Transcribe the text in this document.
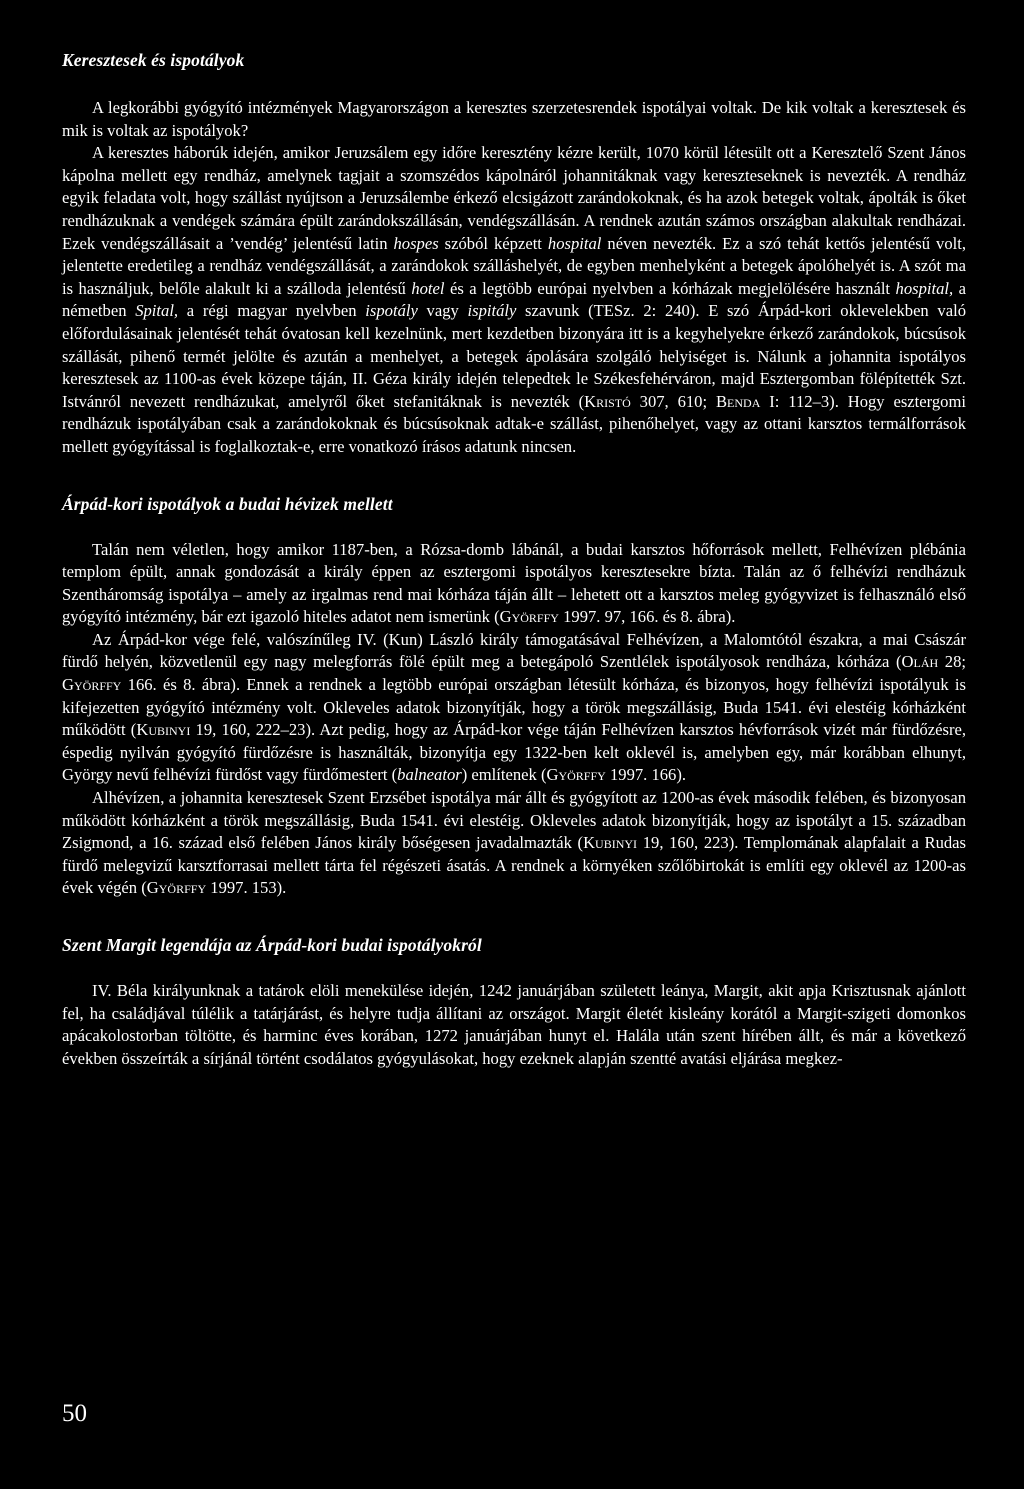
Keresztesek és ispotályok

A legkorábbi gyógyító intézmények Magyarországon a keresztes szerzetesrendek ispotályai voltak. De kik voltak a keresztesek és mik is voltak az ispotályok?

A keresztes háborúk idején, amikor Jeruzsálem egy időre keresztény kézre került, 1070 körül létesült ott a Keresztelő Szent János kápolna mellett egy rendház, amelynek tagjait a szomszédos kápolnáról johannitáknak vagy kereszteseknek is nevezték. A rendház egyik feladata volt, hogy szállást nyújtson a Jeruzsálembe érkező elcsigázott zarándokoknak, és ha azok betegek voltak, ápolták is őket rendházuknak a vendégek számára épült zarándokszállásán, vendégszállásán. A rendnek azután számos országban alakultak rendházai. Ezek vendégszállásait a ’vendég’ jelentésű latin hospes szóból képzett hospital néven nevezték. Ez a szó tehát kettős jelentésű volt, jelentette eredetileg a rendház vendégszállását, a zarándokok szálláshelyét, de egyben menhelyként a betegek ápolóhelyét is. A szót ma is használjuk, belőle alakult ki a szálloda jelentésű hotel és a legtöbb európai nyelvben a kórházak megjelölésére használt hospital, a németben Spital, a régi magyar nyelvben ispotály vagy ispitály szavunk (TESz. 2: 240). E szó Árpád-kori oklevelekben való előfordulásainak jelentését tehát óvatosan kell kezelnünk, mert kezdetben bizonyára itt is a kegyhelyekre érkező zarándokok, búcsúsok szállását, pihenő termét jelölte és azután a menhelyet, a betegek ápolására szolgáló helyiséget is. Nálunk a johannita ispotályos keresztesek az 1100-as évek közepe táján, II. Géza király idején telepedtek le Székesfehérváron, majd Esztergomban fölépítették Szt. Istvánról nevezett rendházukat, amelyről őket stefanitáknak is nevezték (Kristó 307, 610; Benda I: 112–3). Hogy esztergomi rendházuk ispotályában csak a zarándokoknak és búcsúsoknak adtak-e szállást, pihenőhelyet, vagy az ottani karsztos termálforrások mellett gyógyítással is foglalkoztak-e, erre vonatkozó írásos adatunk nincsen.

Árpád-kori ispotályok a budai hévizek mellett

Talán nem véletlen, hogy amikor 1187-ben, a Rózsa-domb lábánál, a budai karsztos hőforrások mellett, Felhévízen plébánia templom épült, annak gondozását a király éppen az esztergomi ispotályos keresztesekre bízta. Talán az ő felhévízi rendházuk Szentháromság ispotálya – amely az irgalmas rend mai kórháza táján állt – lehetett ott a karsztos meleg gyógyvizet is felhasználó első gyógyító intézmény, bár ezt igazoló hiteles adatot nem ismerünk (Györffy 1997. 97, 166. és 8. ábra).

Az Árpád-kor vége felé, valószínűleg IV. (Kun) László király támogatásával Felhévízen, a Malomtótól északra, a mai Császár fürdő helyén, közvetlenül egy nagy melegforrás fölé épült meg a betegápoló Szentlélek ispotályosok rendháza, kórháza (Oláh 28; Györffy 166. és 8. ábra). Ennek a rendnek a legtöbb európai országban létesült kórháza, és bizonyos, hogy felhévízi ispotályuk is kifejezetten gyógyító intézmény volt. Okleveles adatok bizonyítják, hogy a török megszállásig, Buda 1541. évi elestéig kórházként működött (Kubinyi 19, 160, 222–23). Azt pedig, hogy az Árpád-kor vége táján Felhévízen karsztos hévforrások vizét már fürdőzésre, éspedig nyilván gyógyító fürdőzésre is használták, bizonyítja egy 1322-ben kelt oklevél is, amelyben egy, már korábban elhunyt, György nevű felhévízi fürdőst vagy fürdőmestert (balneator) említenek (Györffy 1997. 166).

Alhévízen, a johannita keresztesek Szent Erzsébet ispotálya már állt és gyógyított az 1200-as évek második felében, és bizonyosan működött kórházként a török megszállásig, Buda 1541. évi elestéig. Okleveles adatok bizonyítják, hogy az ispotályt a 15. században Zsigmond, a 16. század első felében János király bőségesen javadalmazták (Kubinyi 19, 160, 223). Templomának alapfalait a Rudas fürdő melegvizű karsztforrasai mellett tárta fel régészeti ásatás. A rendnek a környéken szőlőbirtokát is említi egy oklevél az 1200-as évek végén (Györffy 1997. 153).

Szent Margit legendája az Árpád-kori budai ispotályokról

IV. Béla királyunknak a tatárok elöli menekülése idején, 1242 januárjában született leánya, Margit, akit apja Krisztusnak ajánlott fel, ha családjával túlélik a tatárjárást, és helyre tudja állítani az országot. Margit életét kisleány korától a Margit-szigeti domonkos apácakolostorban töltötte, és harminc éves korában, 1272 januárjában hunyt el. Halála után szent hírében állt, és már a következő években összeírták a sírjánál történt csodálatos gyógyulásokat, hogy ezeknek alapján szentté avatási eljárása megkez-

50
